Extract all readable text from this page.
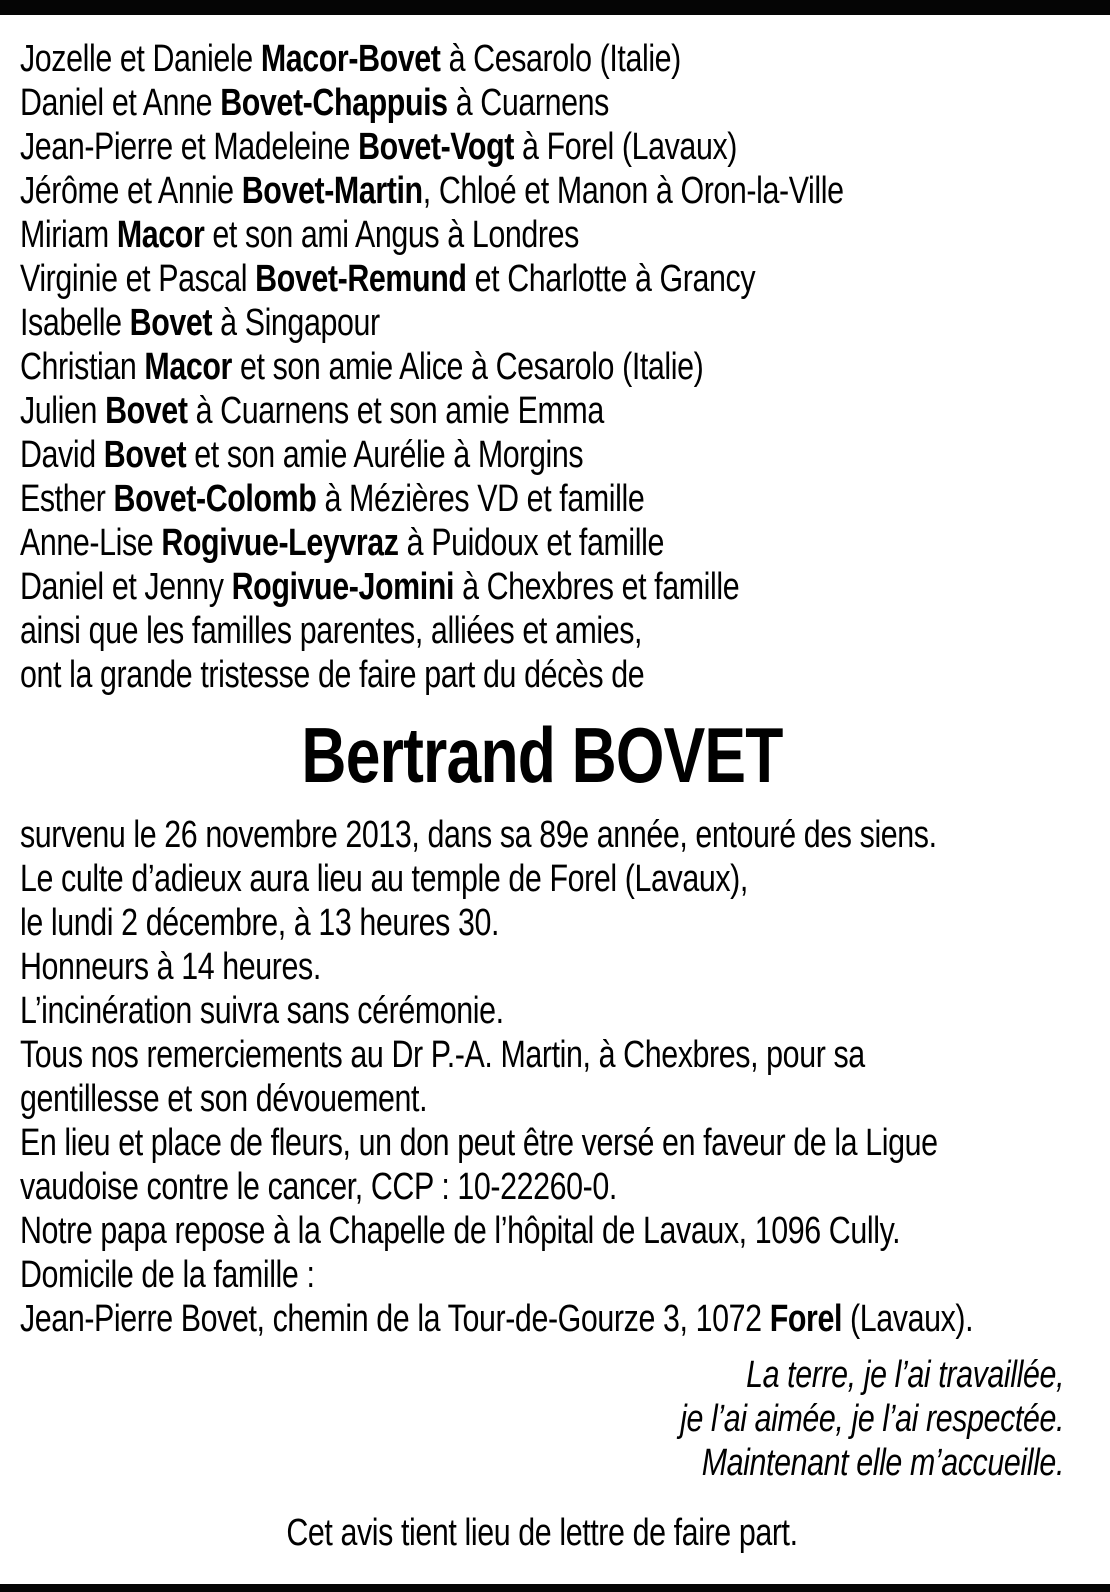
Jozelle et Daniele Macor-Bovet à Cesarolo (Italie)
Daniel et Anne Bovet-Chappuis à Cuarnens
Jean-Pierre et Madeleine Bovet-Vogt à Forel (Lavaux)
Jérôme et Annie Bovet-Martin, Chloé et Manon à Oron-la-Ville
Miriam Macor et son ami Angus à Londres
Virginie et Pascal Bovet-Remund et Charlotte à Grancy
Isabelle Bovet à Singapour
Christian Macor et son amie Alice à Cesarolo (Italie)
Julien Bovet à Cuarnens et son amie Emma
David Bovet et son amie Aurélie à Morgins
Esther Bovet-Colomb à Mézières VD et famille
Anne-Lise Rogivue-Leyvraz à Puidoux et famille
Daniel et Jenny Rogivue-Jomini à Chexbres et famille
ainsi que les familles parentes, alliées et amies,
ont la grande tristesse de faire part du décès de
Bertrand BOVET
survenu le 26 novembre 2013, dans sa 89e année, entouré des siens.
Le culte d’adieux aura lieu au temple de Forel (Lavaux),
le lundi 2 décembre, à 13 heures 30.
Honneurs à 14 heures.
L’incinération suivra sans cérémonie.
Tous nos remerciements au Dr P.-A. Martin, à Chexbres, pour sa
gentillesse et son dévouement.
En lieu et place de fleurs, un don peut être versé en faveur de la Ligue
vaudoise contre le cancer, CCP : 10-22260-0.
Notre papa repose à la Chapelle de l’hôpital de Lavaux, 1096 Cully.
Domicile de la famille :
Jean-Pierre Bovet, chemin de la Tour-de-Gourze 3, 1072 Forel (Lavaux).
La terre, je l’ai travaillée,
je l’ai aimée, je l’ai respectée.
Maintenant elle m’accueille.
Cet avis tient lieu de lettre de faire part.
